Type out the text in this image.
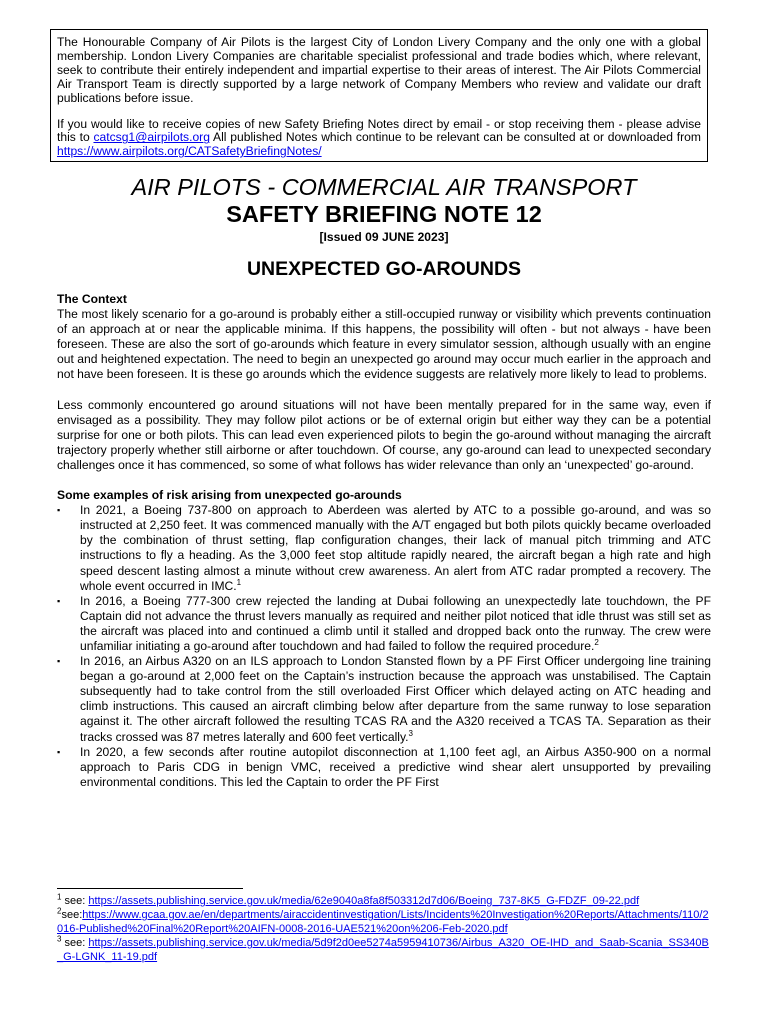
The Honourable Company of Air Pilots is the largest City of London Livery Company and the only one with a global membership. London Livery Companies are charitable specialist professional and trade bodies which, where relevant, seek to contribute their entirely independent and impartial expertise to their areas of interest. The Air Pilots Commercial Air Transport Team is directly supported by a large network of Company Members who review and validate our draft publications before issue.

If you would like to receive copies of new Safety Briefing Notes direct by email - or stop receiving them - please advise this to catcsg1@airpilots.org All published Notes which continue to be relevant can be consulted at or downloaded from https://www.airpilots.org/CATSafetyBriefingNotes/

AIR PILOTS - COMMERCIAL AIR TRANSPORT
SAFETY BRIEFING NOTE 12
[Issued 09 JUNE 2023]
UNEXPECTED GO-AROUNDS

The Context

The most likely scenario for a go-around is probably either a still-occupied runway or visibility which prevents continuation of an approach at or near the applicable minima. If this happens, the possibility will often - but not always - have been foreseen. These are also the sort of go-arounds which feature in every simulator session, although usually with an engine out and heightened expectation. The need to begin an unexpected go around may occur much earlier in the approach and not have been foreseen. It is these go arounds which the evidence suggests are relatively more likely to lead to problems.

Less commonly encountered go around situations will not have been mentally prepared for in the same way, even if envisaged as a possibility. They may follow pilot actions or be of external origin but either way they can be a potential surprise for one or both pilots. This can lead even experienced pilots to begin the go-around without managing the aircraft trajectory properly whether still airborne or after touchdown. Of course, any go-around can lead to unexpected secondary challenges once it has commenced, so some of what follows has wider relevance than only an ‘unexpected’ go-around.

Some examples of risk arising from unexpected go-arounds

▪ In 2021, a Boeing 737-800 on approach to Aberdeen was alerted by ATC to a possible go-around, and was so instructed at 2,250 feet. It was commenced manually with the A/T engaged but both pilots quickly became overloaded by the combination of thrust setting, flap configuration changes, their lack of manual pitch trimming and ATC instructions to fly a heading. As the 3,000 feet stop altitude rapidly neared, the aircraft began a high rate and high speed descent lasting almost a minute without crew awareness. An alert from ATC radar prompted a recovery. The whole event occurred in IMC.$^1$
▪ In 2016, a Boeing 777-300 crew rejected the landing at Dubai following an unexpectedly late touchdown, the PF Captain did not advance the thrust levers manually as required and neither pilot noticed that idle thrust was still set as the aircraft was placed into and continued a climb until it stalled and dropped back onto the runway. The crew were unfamiliar initiating a go-around after touchdown and had failed to follow the required procedure.$^2$
▪ In 2016, an Airbus A320 on an ILS approach to London Stansted flown by a PF First Officer undergoing line training began a go-around at 2,000 feet on the Captain’s instruction because the approach was unstabilised. The Captain subsequently had to take control from the still overloaded First Officer which delayed acting on ATC heading and climb instructions. This caused an aircraft climbing below after departure from the same runway to lose separation against it. The other aircraft followed the resulting TCAS RA and the A320 received a TCAS TA. Separation as their tracks crossed was 87 metres laterally and 600 feet vertically.$^3$
▪ In 2020, a few seconds after routine autopilot disconnection at 1,100 feet agl, an Airbus A350-900 on a normal approach to Paris CDG in benign VMC, received a predictive wind shear alert unsupported by prevailing environmental conditions. This led the Captain to order the PF First

$^1$ see: https://assets.publishing.service.gov.uk/media/62e9040a8fa8f503312d7d06/Boeing_737-8K5_G-FDZF_09-22.pdf

$^2$see:https://www.gcaa.gov.ae/en/departments/airaccidentinvestigation/Lists/Incidents%20Investigation%20Reports/Attachments/110/2016-Published%20Final%20Report%20AIFN-0008-2016-UAE521%20on%206-Feb-2020.pdf

$^3$ see: https://assets.publishing.service.gov.uk/media/5d9f2d0ee5274a5959410736/Airbus_A320_OE-IHD_and_Saab-Scania_SS340B_G-LGNK_11-19.pdf
